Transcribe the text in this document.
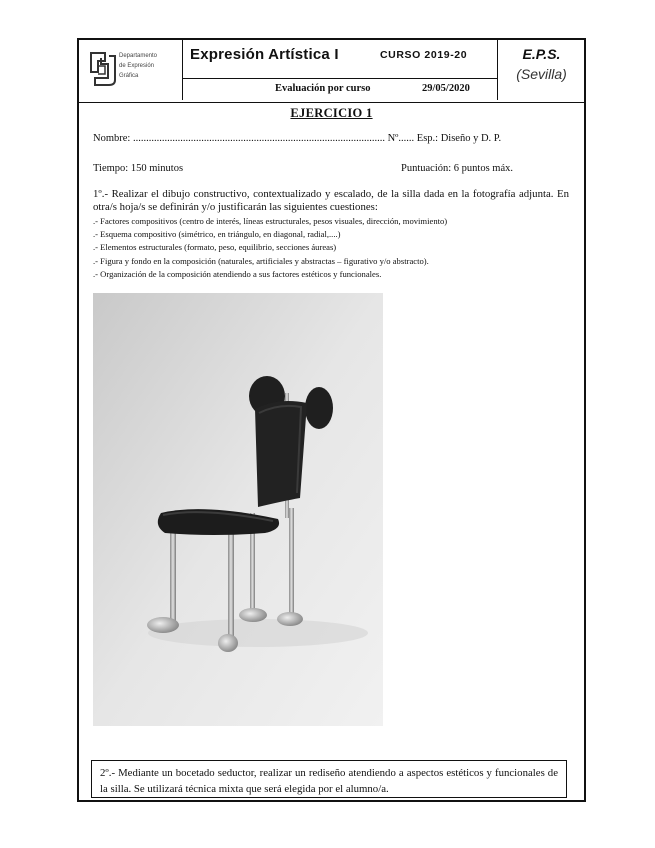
Departamento
de Expresión
Gráfica
Expresión Artística I	CURSO 2019-20
Evaluación por curso	29/05/2020
E.P.S.
(Sevilla)
EJERCICIO 1
Nombre: ................................................................................................ Nº...... Esp.: Diseño y D. P.
Tiempo: 150 minutos	Puntuación: 6 puntos máx.
1º.- Realizar el dibujo constructivo, contextualizado y escalado, de la silla dada en la fotografía adjunta. En otra/s hoja/s se definirán y/o justificarán las siguientes cuestiones:
.- Factores compositivos (centro de interés, líneas estructurales, pesos visuales, dirección, movimiento)
.- Esquema compositivo (simétrico, en triángulo, en diagonal, radial,....)
.- Elementos estructurales (formato, peso, equilibrio, secciones áureas)
.- Figura y fondo en la composición (naturales, artificiales y abstractas – figurativo y/o abstracto).
.- Organización de la composición atendiendo a sus factores estéticos y funcionales.
2º.- Mediante un bocetado seductor, realizar un rediseño atendiendo a aspectos estéticos y funcionales de la silla. Se utilizará técnica mixta que será elegida por el alumno/a.
